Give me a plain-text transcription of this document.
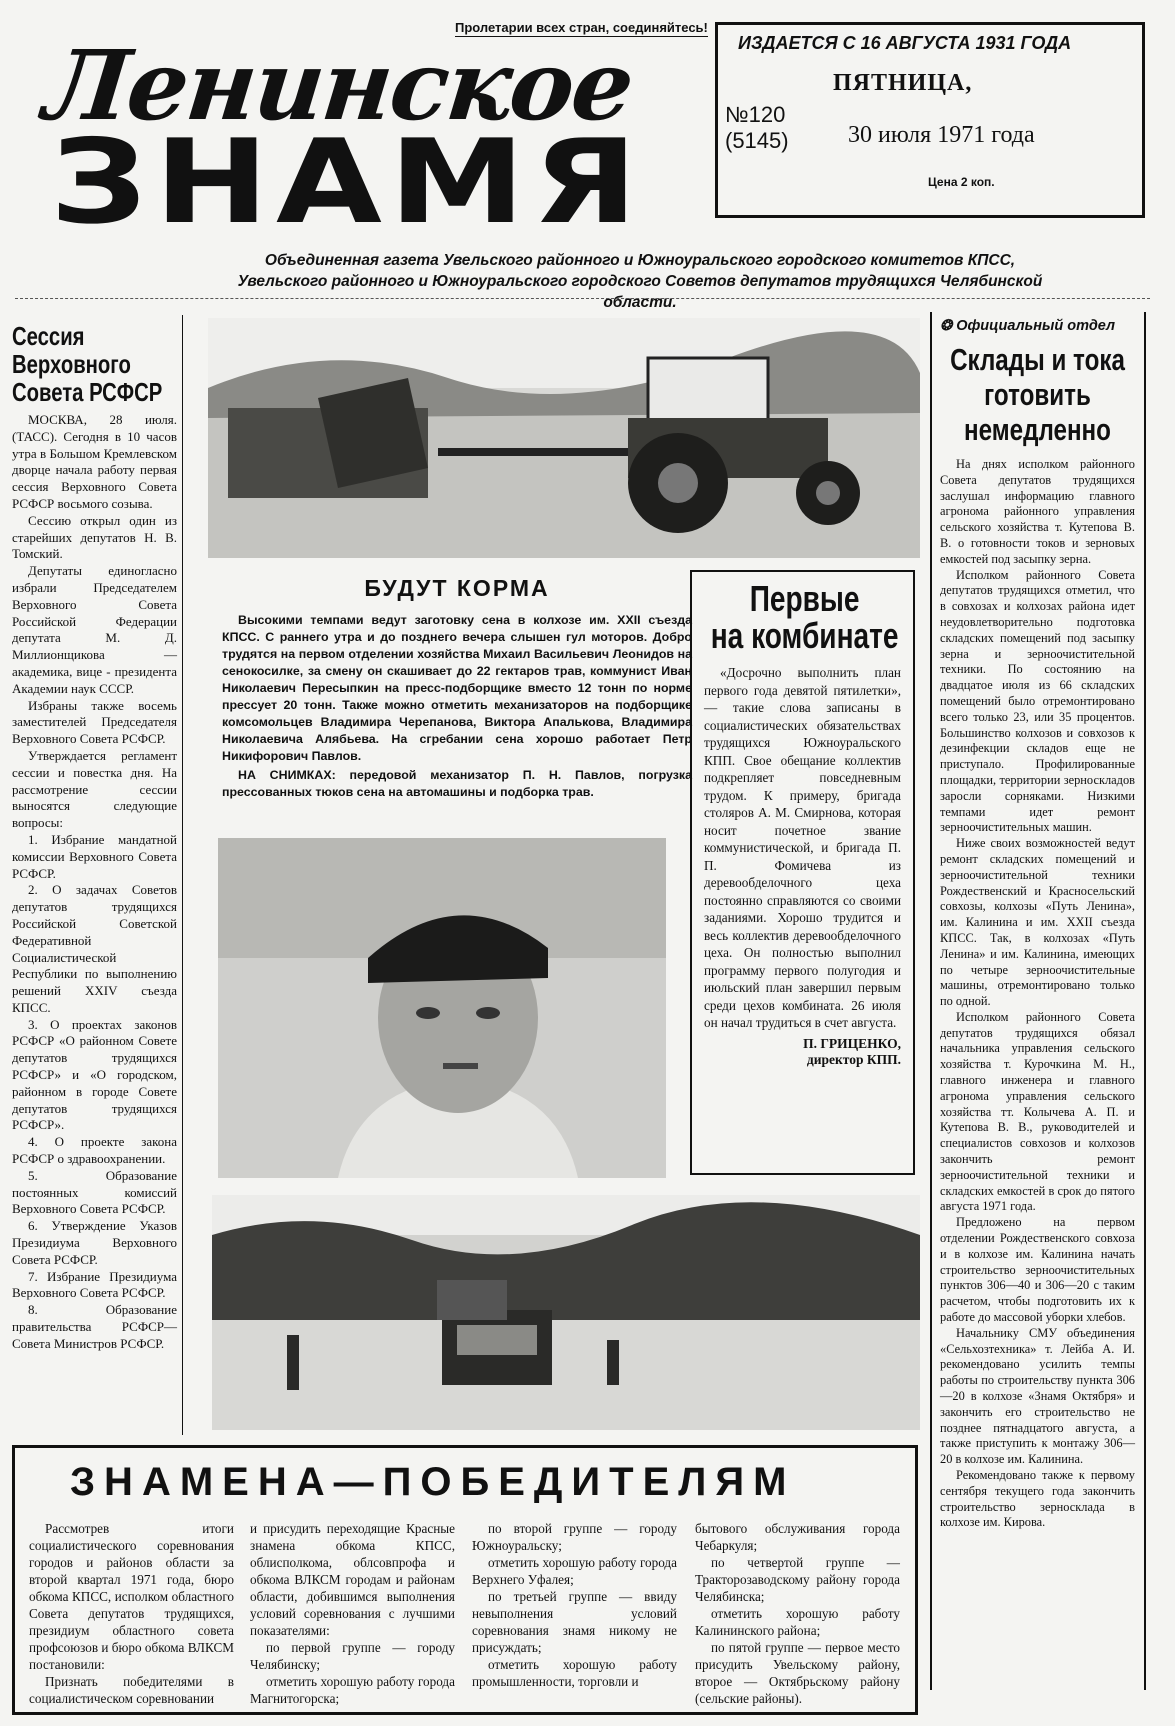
Пролетарии всех стран, соединяйтесь!
Ленинское
ЗНАМЯ
№120
(5145)
ИЗДАЕТСЯ С 16 АВГУСТА 1931 ГОДА
ПЯТНИЦА,
30 июля 1971 года
Цена 2 коп.
Объединенная газета Увельского районного и Южноуральского городского комитетов КПСС,
Увельского районного и Южноуральского городского Советов депутатов трудящихся Челябинской области.
Сессия Верховного Совета РСФСР

МОСКВА, 28 июля. (ТАСС). Сегодня в 10 часов утра в Большом Кремлевском дворце начала работу первая сессия Верховного Совета РСФСР восьмого созыва.

Сессию открыл один из старейших депутатов Н. В. Томский.

Депутаты единогласно избрали Председателем Верховного Совета Российской Федерации депутата М. Д. Миллионщикова — академика, вице - президента Академии наук СССР.

Избраны также восемь заместителей Председателя Верховного Совета РСФСР.

Утверждается регламент сессии и повестка дня. На рассмотрение сессии выносятся следующие вопросы:

1. Избрание мандатной комиссии Верховного Совета РСФСР.

2. О задачах Советов депутатов трудящихся Российской Советской Федеративной Социалистической Республики по выполнению решений XXIV съезда КПСС.

3. О проектах законов РСФСР «О районном Совете депутатов трудящихся РСФСР» и «О городском, районном в городе Совете депутатов трудящихся РСФСР».

4. О проекте закона РСФСР о здравоохранении.

5. Образование постоянных комиссий Верховного Совета РСФСР.

6. Утверждение Указов Президиума Верховного Совета РСФСР.

7. Избрание Президиума Верховного Совета РСФСР.

8. Образование правительства РСФСР—Совета Министров РСФСР.

БУДУТ КОРМА
Высокими темпами ведут заготовку сена в колхозе им. XXII съезда КПСС. С раннего утра и до позднего вечера слышен гул моторов. Добро трудятся на первом отделении хозяйства Михаил Васильевич Леонидов на сенокосилке, за смену он скашивает до 22 гектаров трав, коммунист Иван Николаевич Пересыпкин на пресс-подборщике вместо 12 тонн по норме прессует 20 тонн. Также можно отметить механизаторов на подборщике комсомольцев Владимира Черепанова, Виктора Апалькова, Владимира Николаевича Алябьева. На сгребании сена хорошо работает Петр Никифорович Павлов.
НА СНИМКАХ: передовой механизатор П. Н. Павлов, погрузка прессованных тюков сена на автомашины и подборка трав.
Первые
на комбинате
«Досрочно выполнить план первого года девятой пятилетки», — такие слова записаны в социалистических обязательствах трудящихся Южноуральского КПП. Свое обещание коллектив подкрепляет повседневным трудом. К примеру, бригада столяров А. М. Смирнова, которая носит почетное звание коммунистической, и бригада П. П. Фомичева из деревообделочного цеха постоянно справляются со своими заданиями. Хорошо трудится и весь коллектив деревообделочного цеха. Он полностью выполнил программу первого полугодия и июльский план завершил первым среди цехов комбината. 26 июля он начал трудиться в счет августа.
П. ГРИЦЕНКО,
директор КПП.
❂ Официальный отдел
Склады и тока готовить немедленно

На днях исполком районного Совета депутатов трудящихся заслушал информацию главного агронома районного управления сельского хозяйства т. Кутепова В. В. о готовности токов и зерновых емкостей под засыпку зерна.

Исполком районного Совета депутатов трудящихся отметил, что в совхозах и колхозах района идет неудовлетворительно подготовка складских помещений под засыпку зерна и зерноочистительной техники. По состоянию на двадцатое июля из 66 складских помещений было отремонтировано всего только 23, или 35 процентов. Большинство колхозов и совхозов к дезинфекции складов еще не приступало. Профилированные площадки, территории зерноскладов заросли сорняками. Низкими темпами идет ремонт зерноочистительных машин.

Ниже своих возможностей ведут ремонт складских помещений и зерноочистительной техники Рождественский и Красносельский совхозы, колхозы «Путь Ленина», им. Калинина и им. XXII съезда КПСС. Так, в колхозах «Путь Ленина» и им. Калинина, имеющих по четыре зерноочистительные машины, отремонтировано только по одной.

Исполком районного Совета депутатов трудящихся обязал начальника управления сельского хозяйства т. Курочкина М. Н., главного инженера и главного агронома управления сельского хозяйства тт. Колычева А. П. и Кутепова В. В., руководителей и специалистов совхозов и колхозов закончить ремонт зерноочистительной техники и складских емкостей в срок до пятого августа 1971 года.

Предложено на первом отделении Рождественского совхоза и в колхозе им. Калинина начать строительство зерноочистительных пунктов 306—40 и 306—20 с таким расчетом, чтобы подготовить их к работе до массовой уборки хлебов.

Начальнику СМУ объединения «Сельхозтехника» т. Лейба А. И. рекомендовано усилить темпы работы по строительству пункта 306—20 в колхозе «Знамя Октября» и закончить его строительство не позднее пятнадцатого августа, а также приступить к монтажу 306—20 в колхозе им. Калинина.

Рекомендовано также к первому сентября текущего года закончить строительство зерносклада в колхозе им. Кирова.

ЗНАМЕНА—ПОБЕДИТЕЛЯМ

Рассмотрев итоги социалистического соревнования городов и районов области за второй квартал 1971 года, бюро обкома КПСС, исполком областного Совета депутатов трудящихся, президиум областного совета профсоюзов и бюро обкома ВЛКСМ постановили:

Признать победителями в социалистическом соревновании

и присудить переходящие Красные знамена обкома КПСС, облисполкома, облсовпрофа и обкома ВЛКСМ городам и районам области, добившимся выполнения условий соревнования с лучшими показателями:

по первой группе — городу Челябинску;

отметить хорошую работу города Магнитогорска;

по второй группе — городу Южноуральску;

отметить хорошую работу города Верхнего Уфалея;

по третьей группе — ввиду невыполнения условий соревнования знамя никому не присуждать;

отметить хорошую работу промышленности, торговли и

бытового обслуживания города Чебаркуля;

по четвертой группе — Тракторозаводскому району города Челябинска;

отметить хорошую работу Калининского района;

по пятой группе — первое место присудить Увельскому району, второе — Октябрьскому району (сельские районы).
